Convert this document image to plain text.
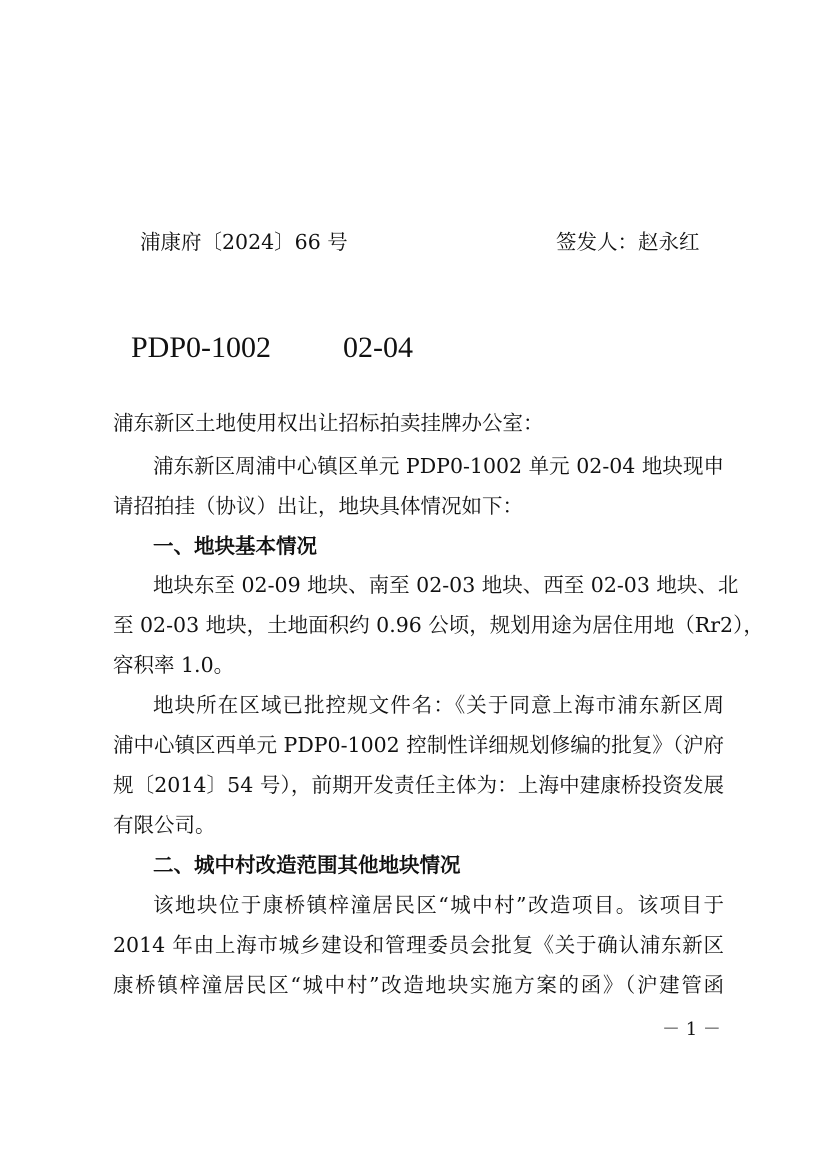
浦康府〔2024〕66 号	签发人：赵永红
PDP0-1002 02-04
浦东新区土地使用权出让招标拍卖挂牌办公室：
浦东新区周浦中心镇区单元 PDP0-1002 单元 02-04 地块现申
请招拍挂（协议）出让，地块具体情况如下：
一、地块基本情况
地块东至 02-09 地块、南至 02-03 地块、西至 02-03 地块、北
至 02-03 地块，土地面积约 0.96 公顷，规划用途为居住用地（Rr2），
容积率 1.0。
地块所在区域已批控规文件名：《关于同意上海市浦东新区周
浦中心镇区西单元 PDP0-1002 控制性详细规划修编的批复》（沪府
规〔2014〕54 号），前期开发责任主体为：上海中建康桥投资发展
有限公司。
二、城中村改造范围其他地块情况
该地块位于康桥镇梓潼居民区“城中村”改造项目。该项目于
2014 年由上海市城乡建设和管理委员会批复《关于确认浦东新区
康桥镇梓潼居民区“城中村”改造地块实施方案的函》（沪建管函
－ 1 －
